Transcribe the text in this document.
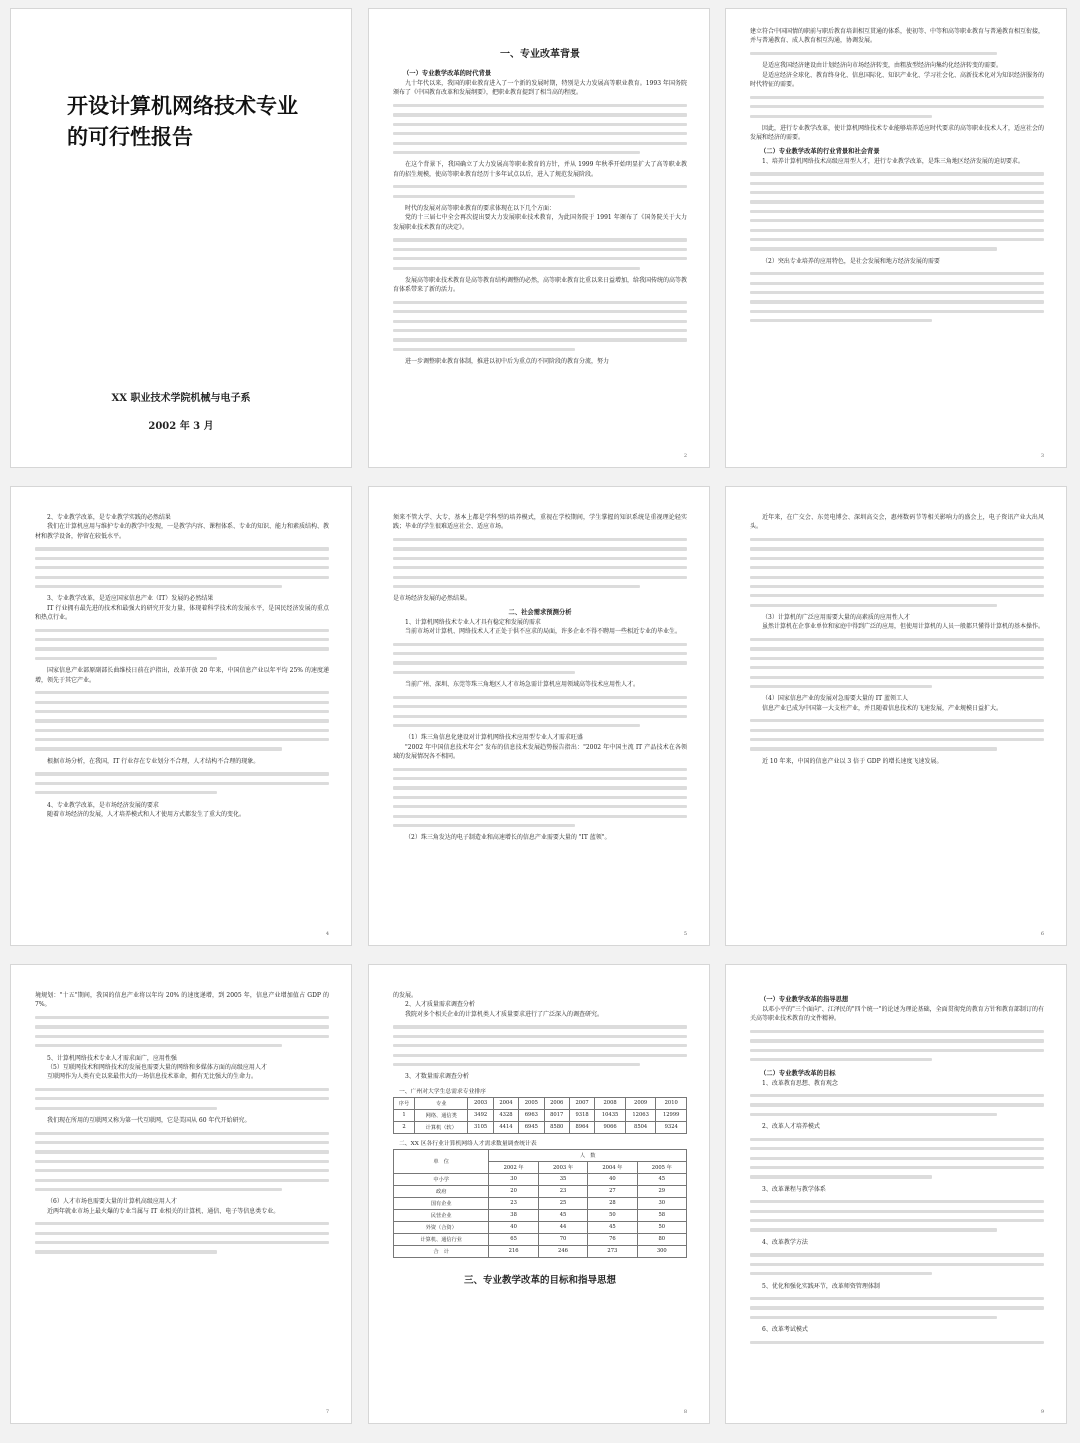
开设计算机网络技术专业
的可行性报告
XX 职业技术学院机械与电子系
2002 年 3 月
一、专业改革背景
（一）专业教学改革的时代背景

九十年代以来，我国的职业教育进入了一个新的发展时期，特别是大力发展高等职业教育。1993 年国务院颁布了《中国教育改革和发展纲要》，把职业教育提到了相当高的程度。

在这个背景下，我国确立了大力发展高等职业教育的方针，并从 1999 年秋季开始明显扩大了高等职业教育的招生规模，使高等职业教育经历十多年试点以后，进入了规范发展阶段。

时代的发展对高等职业教育的要求体现在以下几个方面：

党的十三届七中全会再次提出要大力发展职业技术教育，为此国务院于 1991 年颁布了《国务院关于大力发展职业技术教育的决定》。

发展高等职业技术教育是高等教育结构调整的必然，高等职业教育比重以来日益增加，给我国传统的高等教育体系带来了新的活力。

进一步调整职业教育体制，推进以初中后为重点的不同阶段的教育分流，努力

2

建立符合中国国情的职前与职后教育培训相互贯通的体系，使初等、中等和高等职业教育与普通教育相互衔接，并与普通教育、成人教育相互沟通，协调发展。

是适应我国经济建设由计划经济向市场经济转变，由粗放型经济向集约化经济转变的需要。

是适应经济全球化、教育终身化、信息国际化、知识产业化、学习社会化、高新技术化对为知识经济服务的时代特征的需要。

因此，进行专业教学改革，使计算机网络技术专业能够培养适应时代要求的高等职业技术人才，适应社会的发展和经济的需要。

（二）专业教学改革的行业背景和社会背景

1、培养计算机网络技术高级应用型人才，进行专业教学改革，是珠三角地区经济发展的迫切要求。

（2）突出专业培养的应用特色，是社会发展和地方经济发展的需要

3

2、专业教学改革，是专业教学实践的必然结果

我们在计算机应用与维护专业的教学中发现，一是教学内容、课程体系、专业的知识、能力和素质结构、教材和教学设备，停留在较低水平。

3、专业教学改革，是适应国家信息产业（IT）发展的必然结果

IT 行业拥有最先进的技术和最强大的研究开发力量，体现着科学技术的发展水平，是国民经济发展的重点和热点行业。

国家信息产业部原副部长曲维枝日前在沪指出，改革开放 20 年来，中国信息产业以年平均 25% 的速度递增，领先于其它产业。

根据市场分析，在我国，IT 行业存在专业划分不合理，人才结构不合理的现象。

4、专业教学改革，是市场经济发展的要求

随着市场经济的发展，人才培养模式和人才使用方式都发生了重大的变化。

4

须来不管大学、大专，基本上都是学科型的培养模式，重视在学校期间，学生掌握的知识系统是重视理论轻实践；毕业的学生很难适应社会、适应市场。

是市场经济发展的必然结果。

二、社会需求预测分析

1、计算机网络技术专业人才具有稳定和发展的需求

当前市场对计算机、网络技术人才正处于供不应求的局面，许多企业不得不聘用一些相近专业的毕业生。

当前广州、深圳、东莞等珠三角地区人才市场急需计算机应用领域高等技术应用性人才。

（1）珠三角信息化建设对计算机网络技术应用型专业人才需求旺盛

"2002 年中国信息技术年会" 发布的信息技术发展趋势报告指出："2002 年中国主流 IT 产品技术在各领域的发展情况各不相同。

（2）珠三角发达的电子制造业和高速增长的信息产业需要大量的 "IT 蓝领"。

5

近年来，在广交会、东莞电博会、深圳高交会，惠州数码节等相关影响力的盛会上，电子资讯产业大出风头。

（3）计算机的广泛应用需要大量的高素质的应用性人才

虽然计算机在企事业单位和家庭中得到广泛的应用，但使用计算机的人员一般都只懂得计算机的基本操作。

（4）国家信息产业的发展对急需要大量的 IT 蓝领工人

信息产业已成为中国第一大支柱产业，并且随着信息技术的飞速发展，产业规模日益扩大。

近 10 年来，中国的信息产业以 3 倍于 GDP 的增长速度飞速发展。

6

境规划："十五"期间，我国的信息产业将以年均 20% 的速度递增，到 2005 年，信息产业增加值占 GDP 的 7%。

5、计算机网络技术专业人才需求面广，应用性强

（5）互联网技术和网络技术的发展也需要大量的网络和多媒体方面的高级应用人才

互联网作为人类有史以来最伟大的一场信息技术革命，拥有无比强大的生命力。

我们现在所用的互联网又称为第一代互联网，它是美国从 60 年代开始研究。

（6）人才市场也需要大量的计算机高级应用人才

近两年就业市场上最火爆的专业当属与 IT 业相关的计算机、通信、电子等信息类专业。

7

的发展。

2、人才质量需求调查分析

我院对多个相关企业的计算机类人才质量要求进行了广泛深入的调查研究。

3、才数量需求调查分析

一、广州对大学生总需求专业排序
序号	专业	2003	2004	2005	2006	2007	2008	2009	2010
1	网络、通信类	3492	4328	6963	8017	9318	10435	12063	12999
2	计算机（软）	3105	4414	6945	8580	8964	9066	8504	9324
二、XX 区各行业计算机网络人才需求数量调查统计表
单　位	人　数			
	2002 年	2003 年	2004 年	2005 年
中小学	30	35	40	45
政府	20	23	27	29
国有企业	23	25	28	30
民营企业	38	45	50	58
外资（合资）	40	44	45	50
计算机、通信行业	65	70	76	80
合　计	216	246	273	300
三、专业教学改革的目标和指导思想
8
（一）专业教学改革的指导思想

以邓小平的"三个面向"、江泽民的"四个统一"的论述为理论基础，全面贯彻党的教育方针和教育部制订的有关高等职业技术教育的文件精神。

（二）专业教学改革的目标

1、改革教育思想、教育观念

2、改革人才培养模式

3、改革课程与教学体系

4、改革教学方法

5、优化和强化实践环节，改革师资管理体制

6、改革考试模式

9
